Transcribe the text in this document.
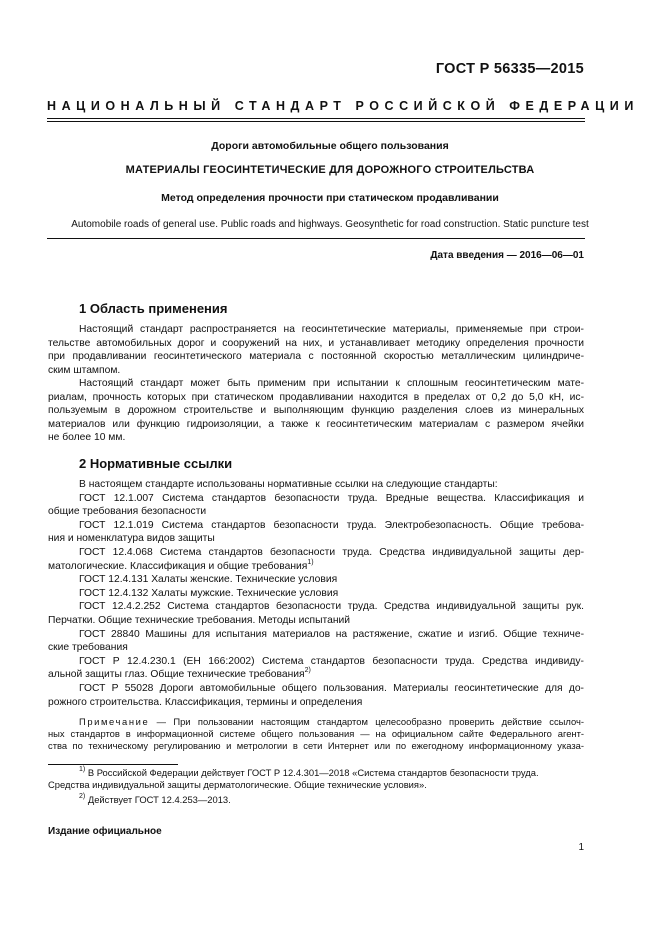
ГОСТ Р 56335—2015
НАЦИОНАЛЬНЫЙ СТАНДАРТ РОССИЙСКОЙ ФЕДЕРАЦИИ
Дороги автомобильные общего пользования
МАТЕРИАЛЫ ГЕОСИНТЕТИЧЕСКИЕ ДЛЯ ДОРОЖНОГО СТРОИТЕЛЬСТВА
Метод определения прочности при статическом продавливании
Automobile roads of general use. Public roads and highways. Geosynthetic for road construction. Static puncture test
Дата введения — 2016—06—01
1 Область применения
Настоящий стандарт распространяется на геосинтетические материалы, применяемые при строи-
тельстве автомобильных дорог и сооружений на них, и устанавливает методику определения прочности
при продавливании геосинтетического материала с постоянной скоростью металлическим цилиндриче-
ским штампом.
Настоящий стандарт может быть применим при испытании к сплошным геосинтетическим мате-
риалам, прочность которых при статическом продавливании находится в пределах от 0,2 до 5,0 кН, ис-
пользуемым в дорожном строительстве и выполняющим функцию разделения слоев из минеральных
материалов или функцию гидроизоляции, а также к геосинтетическим материалам с размером ячейки
не более 10 мм.
2 Нормативные ссылки
В настоящем стандарте использованы нормативные ссылки на следующие стандарты:
ГОСТ 12.1.007 Система стандартов безопасности труда. Вредные вещества. Классификация и
общие требования безопасности
ГОСТ 12.1.019 Система стандартов безопасности труда. Электробезопасность. Общие требова-
ния и номенклатура видов защиты
ГОСТ 12.4.068 Система стандартов безопасности труда. Средства индивидуальной защиты дер-
матологические. Классификация и общие требования$^{1)}$
ГОСТ 12.4.131 Халаты женские. Технические условия
ГОСТ 12.4.132 Халаты мужские. Технические условия
ГОСТ 12.4.2.252 Система стандартов безопасности труда. Средства индивидуальной защиты рук.
Перчатки. Общие технические требования. Методы испытаний
ГОСТ 28840 Машины для испытания материалов на растяжение, сжатие и изгиб. Общие техниче-
ские требования
ГОСТ Р 12.4.230.1 (ЕН 166:2002) Система стандартов безопасности труда. Средства индивиду-
альной защиты глаз. Общие технические требования$^{2)}$
ГОСТ Р 55028 Дороги автомобильные общего пользования. Материалы геосинтетические для до-
рожного строительства. Классификация, термины и определения
Примечание — При пользовании настоящим стандартом целесообразно проверить действие ссылоч-
ных стандартов в информационной системе общего пользования — на официальном сайте Федерального агент-
ства по техническому регулированию и метрологии в сети Интернет или по ежегодному информационному указа-
$^{1)}$ В Российской Федерации действует ГОСТ Р 12.4.301—2018 «Система стандартов безопасности труда.
Средства индивидуальной защиты дерматологические. Общие технические условия».
$^{2)}$ Действует ГОСТ 12.4.253—2013.
Издание официальное
1
